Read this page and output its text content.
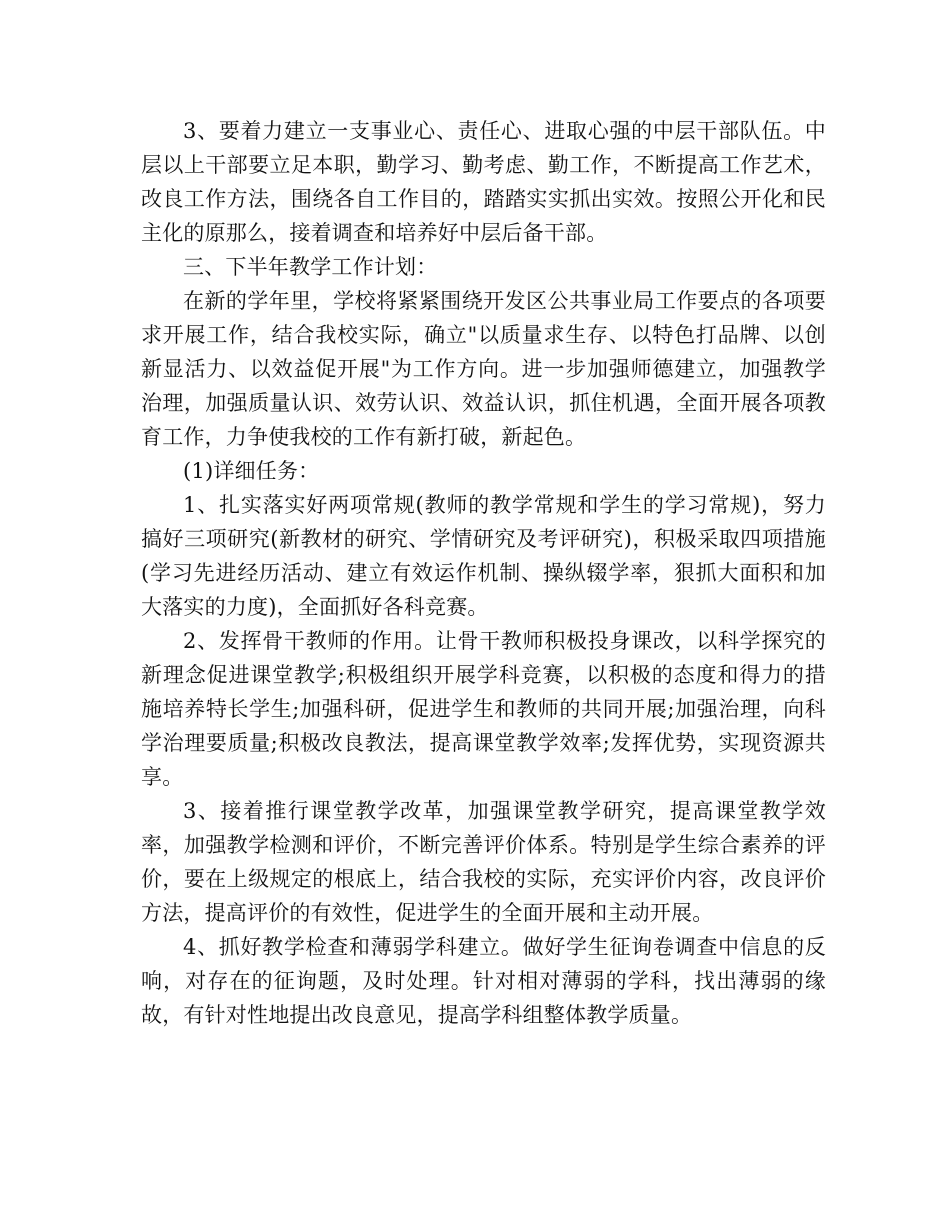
3、要着力建立一支事业心、责任心、进取心强的中层干部队伍。中层以上干部要立足本职，勤学习、勤考虑、勤工作，不断提高工作艺术，改良工作方法，围绕各自工作目的，踏踏实实抓出实效。按照公开化和民主化的原那么，接着调查和培养好中层后备干部。

三、下半年教学工作计划：

在新的学年里，学校将紧紧围绕开发区公共事业局工作要点的各项要求开展工作，结合我校实际，确立"以质量求生存、以特色打品牌、以创新显活力、以效益促开展"为工作方向。进一步加强师德建立，加强教学治理，加强质量认识、效劳认识、效益认识，抓住机遇，全面开展各项教育工作，力争使我校的工作有新打破，新起色。

(1)详细任务：

1、扎实落实好两项常规(教师的教学常规和学生的学习常规)，努力搞好三项研究(新教材的研究、学情研究及考评研究)，积极采取四项措施(学习先进经历活动、建立有效运作机制、操纵辍学率，狠抓大面积和加大落实的力度)，全面抓好各科竞赛。

2、发挥骨干教师的作用。让骨干教师积极投身课改，以科学探究的新理念促进课堂教学;积极组织开展学科竞赛，以积极的态度和得力的措施培养特长学生;加强科研，促进学生和教师的共同开展;加强治理，向科学治理要质量;积极改良教法，提高课堂教学效率;发挥优势，实现资源共享。

3、接着推行课堂教学改革，加强课堂教学研究，提高课堂教学效率，加强教学检测和评价，不断完善评价体系。特别是学生综合素养的评价，要在上级规定的根底上，结合我校的实际，充实评价内容，改良评价方法，提高评价的有效性，促进学生的全面开展和主动开展。

4、抓好教学检查和薄弱学科建立。做好学生征询卷调查中信息的反响，对存在的征询题，及时处理。针对相对薄弱的学科，找出薄弱的缘故，有针对性地提出改良意见，提高学科组整体教学质量。
